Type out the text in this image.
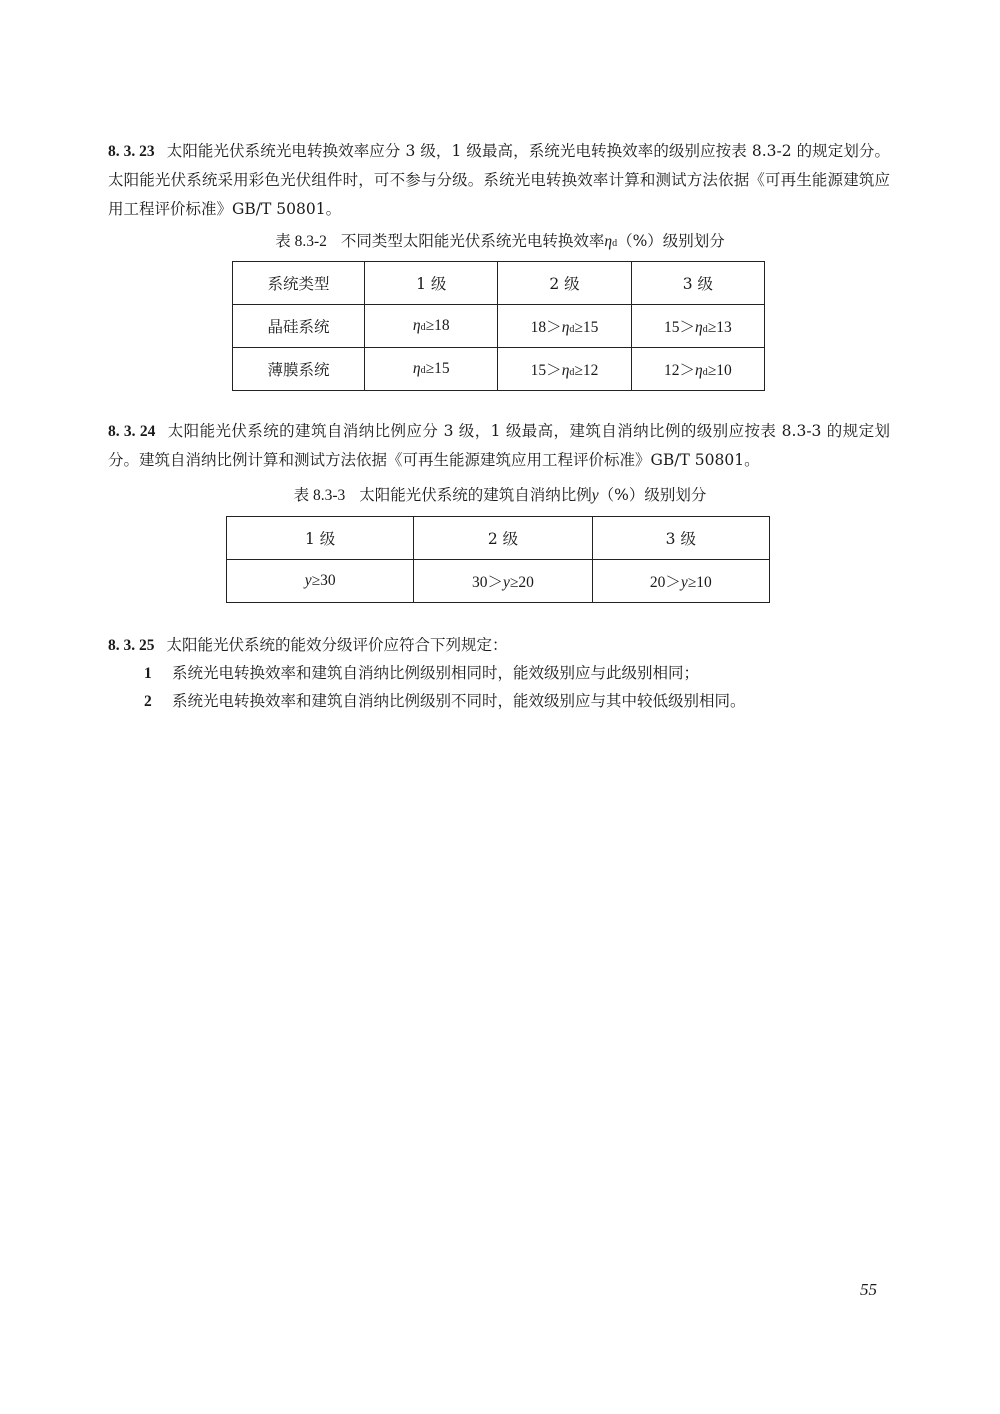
8. 3. 23 太阳能光伏系统光电转换效率应分 3 级，1 级最高，系统光电转换效率的级别应按表 8.3-2 的规定划分。太阳能光伏系统采用彩色光伏组件时，可不参与分级。系统光电转换效率计算和测试方法依据《可再生能源建筑应用工程评价标准》GB/T 50801。
表 8.3-2 不同类型太阳能光伏系统光电转换效率ηd（%）级别划分
系统类型	1 级	2 级	3 级
晶硅系统	ηd≥18	18＞ηd≥15	15＞ηd≥13
薄膜系统	ηd≥15	15＞ηd≥12	12＞ηd≥10
8. 3. 24 太阳能光伏系统的建筑自消纳比例应分 3 级，1 级最高，建筑自消纳比例的级别应按表 8.3-3 的规定划分。建筑自消纳比例计算和测试方法依据《可再生能源建筑应用工程评价标准》GB/T 50801。
表 8.3-3 太阳能光伏系统的建筑自消纳比例y（%）级别划分
1 级	2 级	3 级
y≥30	30＞y≥20	20＞y≥10
8. 3. 25 太阳能光伏系统的能效分级评价应符合下列规定：
1 系统光电转换效率和建筑自消纳比例级别相同时，能效级别应与此级别相同；
2 系统光电转换效率和建筑自消纳比例级别不同时，能效级别应与其中较低级别相同。
55
